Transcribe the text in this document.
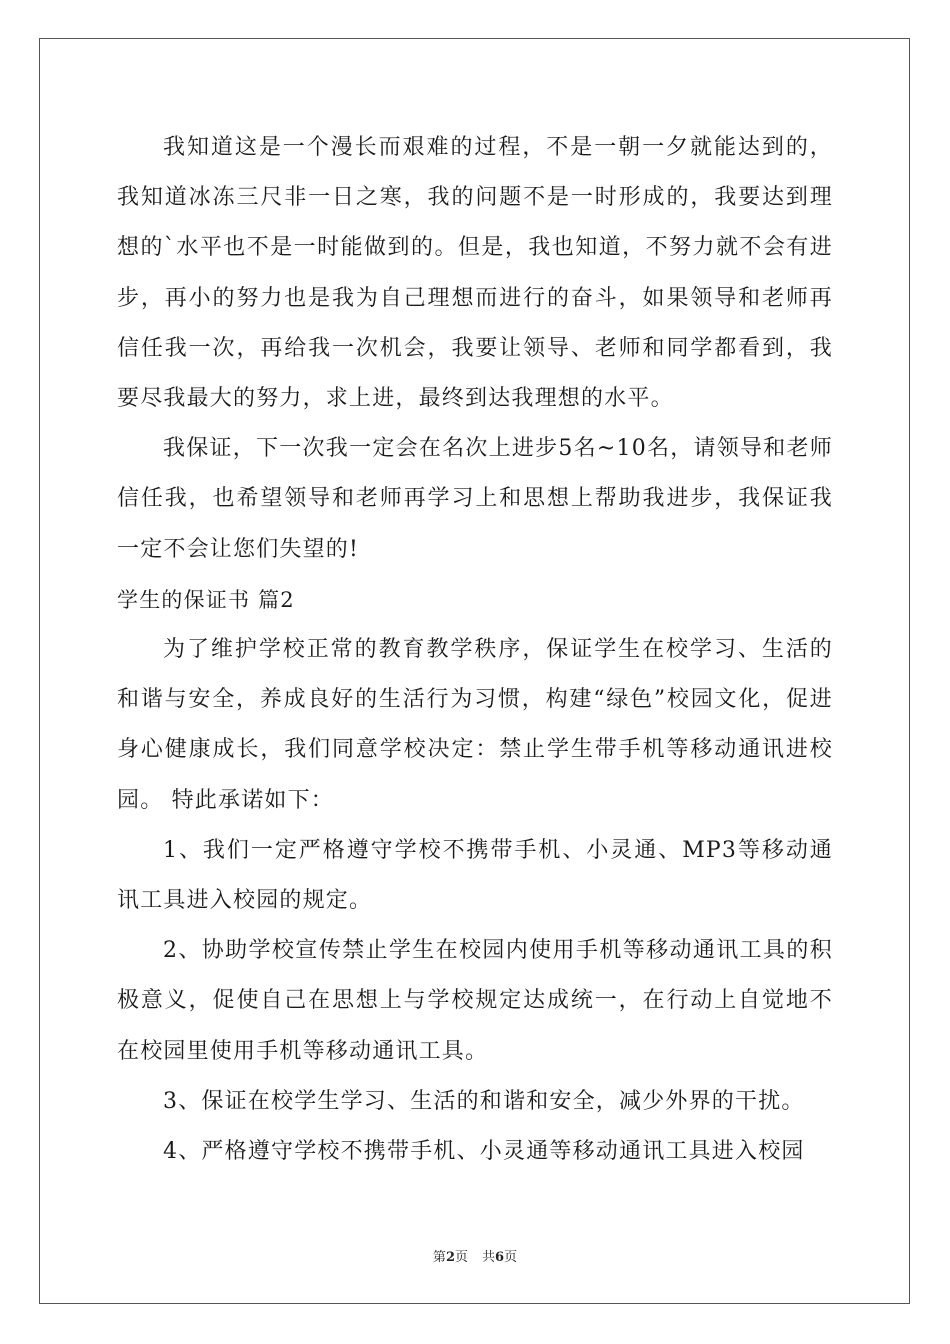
我知道这是一个漫长而艰难的过程，不是一朝一夕就能达到的，我知道冰冻三尺非一日之寒，我的问题不是一时形成的，我要达到理想的`水平也不是一时能做到的。但是，我也知道，不努力就不会有进步，再小的努力也是我为自己理想而进行的奋斗，如果领导和老师再信任我一次，再给我一次机会，我要让领导、老师和同学都看到，我要尽我最大的努力，求上进，最终到达我理想的水平。

我保证，下一次我一定会在名次上进步5名~10名，请领导和老师信任我，也希望领导和老师再学习上和思想上帮助我进步，我保证我一定不会让您们失望的!

学生的保证书 篇2

为了维护学校正常的教育教学秩序，保证学生在校学习、生活的和谐与安全，养成良好的生活行为习惯，构建“绿色”校园文化，促进身心健康成长，我们同意学校决定：禁止学生带手机等移动通讯进校园。 特此承诺如下：

1、我们一定严格遵守学校不携带手机、小灵通、MP3等移动通讯工具进入校园的规定。

2、协助学校宣传禁止学生在校园内使用手机等移动通讯工具的积极意义，促使自己在思想上与学校规定达成统一，在行动上自觉地不在校园里使用手机等移动通讯工具。

3、保证在校学生学习、生活的和谐和安全，减少外界的干扰。

4、严格遵守学校不携带手机、小灵通等移动通讯工具进入校园

第2页 共6页
